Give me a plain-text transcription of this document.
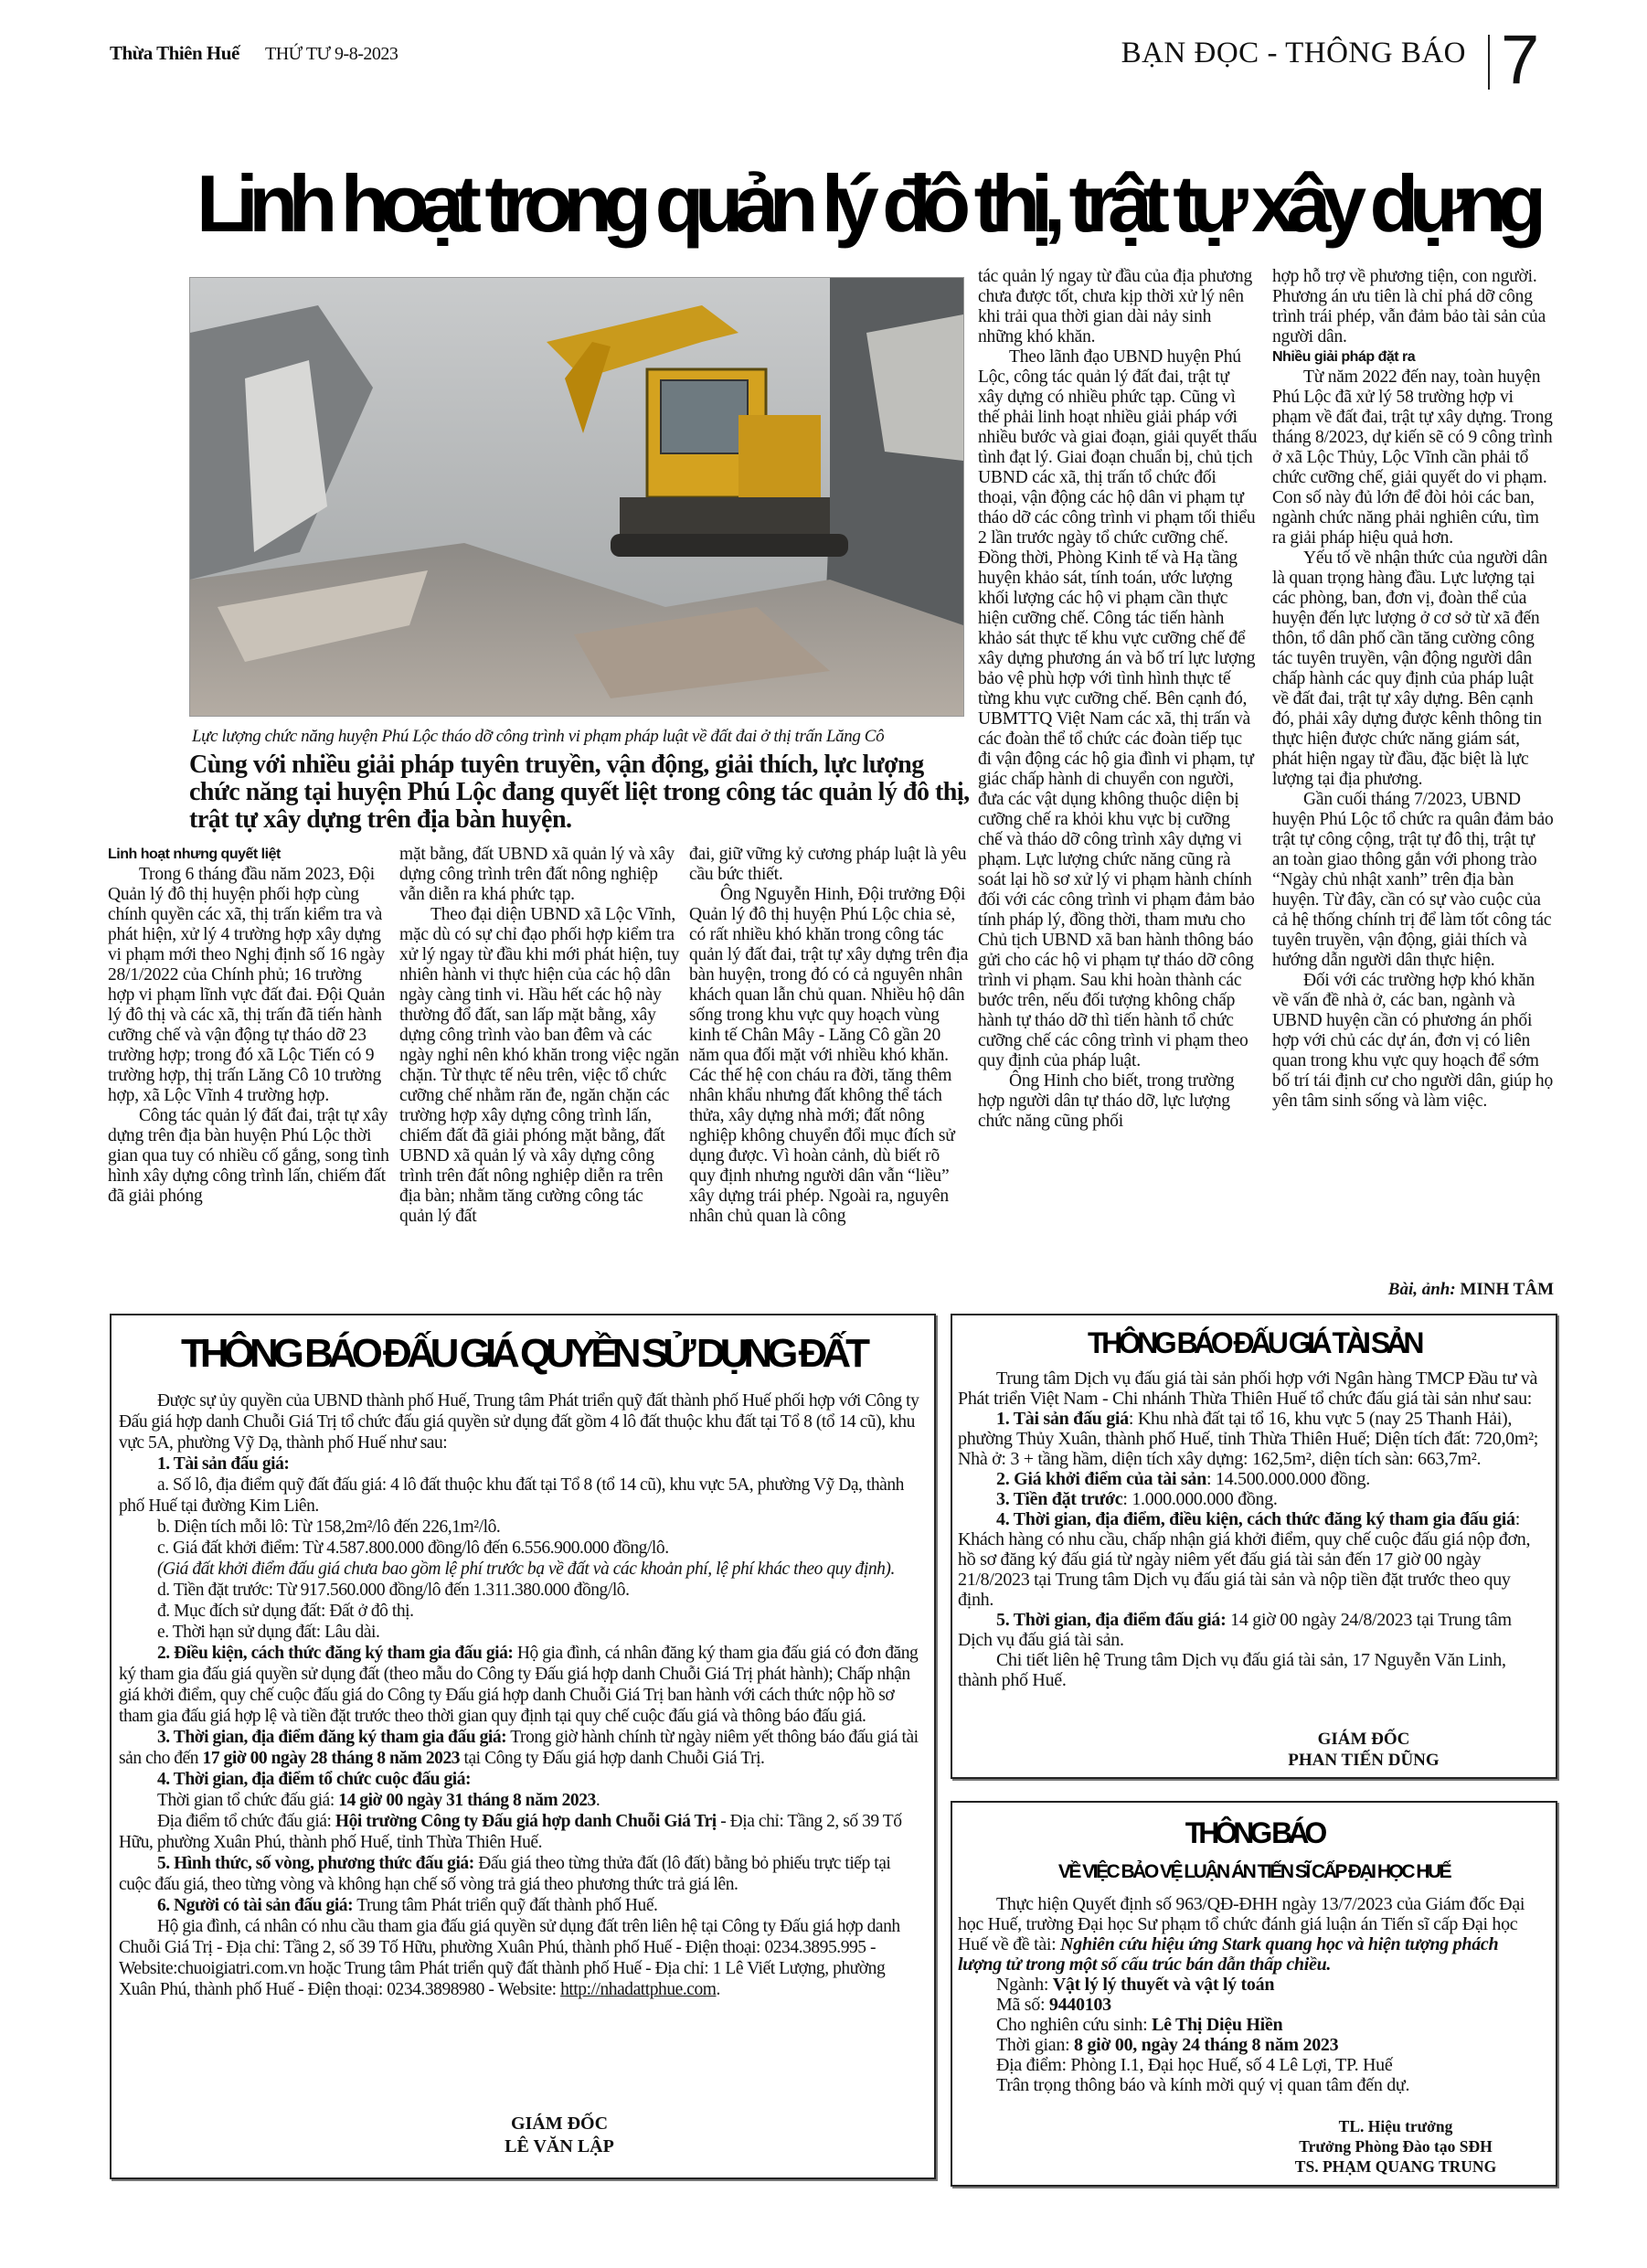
Thừa Thiên Huế THỨ TƯ 9-8-2023	BẠN ĐỌC - THÔNG BÁO 7
Linh hoạt trong quản lý đô thị, trật tự xây dựng
Lực lượng chức năng huyện Phú Lộc tháo dỡ công trình vi phạm pháp luật về đất đai ở thị trấn Lăng Cô
Cùng với nhiều giải pháp tuyên truyền, vận động, giải thích, lực lượng chức năng tại huyện Phú Lộc đang quyết liệt trong công tác quản lý đô thị, trật tự xây dựng trên địa bàn huyện.
Linh hoạt nhưng quyết liệt

Trong 6 tháng đầu năm 2023, Đội Quản lý đô thị huyện phối hợp cùng chính quyền các xã, thị trấn kiểm tra và phát hiện, xử lý 4 trường hợp xây dựng vi phạm mới theo Nghị định số 16 ngày 28/1/2022 của Chính phủ; 16 trường hợp vi phạm lĩnh vực đất đai. Đội Quản lý đô thị và các xã, thị trấn đã tiến hành cưỡng chế và vận động tự tháo dỡ 23 trường hợp; trong đó xã Lộc Tiến có 9 trường hợp, thị trấn Lăng Cô 10 trường hợp, xã Lộc Vĩnh 4 trường hợp.

Công tác quản lý đất đai, trật tự xây dựng trên địa bàn huyện Phú Lộc thời gian qua tuy có nhiều cố gắng, song tình hình xây dựng công trình lấn, chiếm đất đã giải phóng

mặt bằng, đất UBND xã quản lý và xây dựng công trình trên đất nông nghiệp vẫn diễn ra khá phức tạp.

Theo đại diện UBND xã Lộc Vĩnh, mặc dù có sự chỉ đạo phối hợp kiểm tra xử lý ngay từ đầu khi mới phát hiện, tuy nhiên hành vi thực hiện của các hộ dân ngày càng tinh vi. Hầu hết các hộ này thường đổ đất, san lấp mặt bằng, xây dựng công trình vào ban đêm và các ngày nghỉ nên khó khăn trong việc ngăn chặn. Từ thực tế nêu trên, việc tổ chức cưỡng chế nhằm răn đe, ngăn chặn các trường hợp xây dựng công trình lấn, chiếm đất đã giải phóng mặt bằng, đất UBND xã quản lý và xây dựng công trình trên đất nông nghiệp diễn ra trên địa bàn; nhằm tăng cường công tác quản lý đất

đai, giữ vững kỷ cương pháp luật là yêu cầu bức thiết.

Ông Nguyễn Hinh, Đội trưởng Đội Quản lý đô thị huyện Phú Lộc chia sẻ, có rất nhiều khó khăn trong công tác quản lý đất đai, trật tự xây dựng trên địa bàn huyện, trong đó có cả nguyên nhân khách quan lẫn chủ quan. Nhiều hộ dân sống trong khu vực quy hoạch vùng kinh tế Chân Mây - Lăng Cô gần 20 năm qua đối mặt với nhiều khó khăn. Các thế hệ con cháu ra đời, tăng thêm nhân khẩu nhưng đất không thể tách thửa, xây dựng nhà mới; đất nông nghiệp không chuyển đổi mục đích sử dụng được. Vì hoàn cảnh, dù biết rõ quy định nhưng người dân vẫn “liều” xây dựng trái phép. Ngoài ra, nguyên nhân chủ quan là công

tác quản lý ngay từ đầu của địa phương chưa được tốt, chưa kịp thời xử lý nên khi trải qua thời gian dài nảy sinh những khó khăn.

Theo lãnh đạo UBND huyện Phú Lộc, công tác quản lý đất đai, trật tự xây dựng có nhiều phức tạp. Cũng vì thế phải linh hoạt nhiều giải pháp với nhiều bước và giai đoạn, giải quyết thấu tình đạt lý. Giai đoạn chuẩn bị, chủ tịch UBND các xã, thị trấn tổ chức đối thoại, vận động các hộ dân vi phạm tự tháo dỡ các công trình vi phạm tối thiểu 2 lần trước ngày tổ chức cưỡng chế. Đồng thời, Phòng Kinh tế và Hạ tầng huyện khảo sát, tính toán, ước lượng khối lượng các hộ vi phạm cần thực hiện cưỡng chế. Công tác tiến hành khảo sát thực tế khu vực cưỡng chế để xây dựng phương án và bố trí lực lượng bảo vệ phù hợp với tình hình thực tế từng khu vực cưỡng chế. Bên cạnh đó, UBMTTQ Việt Nam các xã, thị trấn và các đoàn thể tổ chức các đoàn tiếp tục đi vận động các hộ gia đình vi phạm, tự giác chấp hành di chuyển con người, đưa các vật dụng không thuộc diện bị cưỡng chế ra khỏi khu vực bị cưỡng chế và tháo dỡ công trình xây dựng vi phạm. Lực lượng chức năng cũng rà soát lại hồ sơ xử lý vi phạm hành chính đối với các công trình vi phạm đảm bảo tính pháp lý, đồng thời, tham mưu cho Chủ tịch UBND xã ban hành thông báo gửi cho các hộ vi phạm tự tháo dỡ công trình vi phạm. Sau khi hoàn thành các bước trên, nếu đối tượng không chấp hành tự tháo dỡ thì tiến hành tổ chức cưỡng chế các công trình vi phạm theo quy định của pháp luật.

Ông Hinh cho biết, trong trường hợp người dân tự tháo dỡ, lực lượng chức năng cũng phối

hợp hỗ trợ về phương tiện, con người. Phương án ưu tiên là chỉ phá dỡ công trình trái phép, vẫn đảm bảo tài sản của người dân.

Nhiều giải pháp đặt ra

Từ năm 2022 đến nay, toàn huyện Phú Lộc đã xử lý 58 trường hợp vi phạm về đất đai, trật tự xây dựng. Trong tháng 8/2023, dự kiến sẽ có 9 công trình ở xã Lộc Thủy, Lộc Vĩnh cần phải tổ chức cưỡng chế, giải quyết do vi phạm. Con số này đủ lớn để đòi hỏi các ban, ngành chức năng phải nghiên cứu, tìm ra giải pháp hiệu quả hơn.

Yếu tố về nhận thức của người dân là quan trọng hàng đầu. Lực lượng tại các phòng, ban, đơn vị, đoàn thể của huyện đến lực lượng ở cơ sở từ xã đến thôn, tổ dân phố cần tăng cường công tác tuyên truyền, vận động người dân chấp hành các quy định của pháp luật về đất đai, trật tự xây dựng. Bên cạnh đó, phải xây dựng được kênh thông tin thực hiện được chức năng giám sát, phát hiện ngay từ đầu, đặc biệt là lực lượng tại địa phương.

Gần cuối tháng 7/2023, UBND huyện Phú Lộc tổ chức ra quân đảm bảo trật tự công cộng, trật tự đô thị, trật tự an toàn giao thông gắn với phong trào “Ngày chủ nhật xanh” trên địa bàn huyện. Từ đây, cần có sự vào cuộc của cả hệ thống chính trị để làm tốt công tác tuyên truyền, vận động, giải thích và hướng dẫn người dân thực hiện.

Đối với các trường hợp khó khăn về vấn đề nhà ở, các ban, ngành và UBND huyện cần có phương án phối hợp với chủ các dự án, đơn vị có liên quan trong khu vực quy hoạch để sớm bố trí tái định cư cho người dân, giúp họ yên tâm sinh sống và làm việc.

Bài, ảnh: MINH TÂM
THÔNG BÁO ĐẤU GIÁ QUYỀN SỬ DỤNG ĐẤT

Được sự ủy quyền của UBND thành phố Huế, Trung tâm Phát triển quỹ đất thành phố Huế phối hợp với Công ty Đấu giá hợp danh Chuỗi Giá Trị tổ chức đấu giá quyền sử dụng đất gồm 4 lô đất thuộc khu đất tại Tổ 8 (tổ 14 cũ), khu vực 5A, phường Vỹ Dạ, thành phố Huế như sau:

1. Tài sản đấu giá:

a. Số lô, địa điểm quỹ đất đấu giá: 4 lô đất thuộc khu đất tại Tổ 8 (tổ 14 cũ), khu vực 5A, phường Vỹ Dạ, thành phố Huế tại đường Kim Liên.

b. Diện tích mỗi lô: Từ 158,2m²/lô đến 226,1m²/lô.

c. Giá đất khởi điểm: Từ 4.587.800.000 đồng/lô đến 6.556.900.000 đồng/lô.

(Giá đất khởi điểm đấu giá chưa bao gồm lệ phí trước bạ về đất và các khoản phí, lệ phí khác theo quy định).

d. Tiền đặt trước: Từ 917.560.000 đồng/lô đến 1.311.380.000 đồng/lô.

đ. Mục đích sử dụng đất: Đất ở đô thị.

e. Thời hạn sử dụng đất: Lâu dài.

2. Điều kiện, cách thức đăng ký tham gia đấu giá: Hộ gia đình, cá nhân đăng ký tham gia đấu giá có đơn đăng ký tham gia đấu giá quyền sử dụng đất (theo mẫu do Công ty Đấu giá hợp danh Chuỗi Giá Trị phát hành); Chấp nhận giá khởi điểm, quy chế cuộc đấu giá do Công ty Đấu giá hợp danh Chuỗi Giá Trị ban hành với cách thức nộp hồ sơ tham gia đấu giá hợp lệ và tiền đặt trước theo thời gian quy định tại quy chế cuộc đấu giá và thông báo đấu giá.

3. Thời gian, địa điểm đăng ký tham gia đấu giá: Trong giờ hành chính từ ngày niêm yết thông báo đấu giá tài sản cho đến 17 giờ 00 ngày 28 tháng 8 năm 2023 tại Công ty Đấu giá hợp danh Chuỗi Giá Trị.

4. Thời gian, địa điểm tổ chức cuộc đấu giá:

Thời gian tổ chức đấu giá: 14 giờ 00 ngày 31 tháng 8 năm 2023.

Địa điểm tổ chức đấu giá: Hội trường Công ty Đấu giá hợp danh Chuỗi Giá Trị - Địa chỉ: Tầng 2, số 39 Tố Hữu, phường Xuân Phú, thành phố Huế, tỉnh Thừa Thiên Huế.

5. Hình thức, số vòng, phương thức đấu giá: Đấu giá theo từng thửa đất (lô đất) bằng bỏ phiếu trực tiếp tại cuộc đấu giá, theo từng vòng và không hạn chế số vòng trả giá theo phương thức trả giá lên.

6. Người có tài sản đấu giá: Trung tâm Phát triển quỹ đất thành phố Huế.

Hộ gia đình, cá nhân có nhu cầu tham gia đấu giá quyền sử dụng đất trên liên hệ tại Công ty Đấu giá hợp danh Chuỗi Giá Trị - Địa chỉ: Tầng 2, số 39 Tố Hữu, phường Xuân Phú, thành phố Huế - Điện thoại: 0234.3895.995 - Website:chuoigiatri.com.vn hoặc Trung tâm Phát triển quỹ đất thành phố Huế - Địa chỉ: 1 Lê Viết Lượng, phường Xuân Phú, thành phố Huế - Điện thoại: 0234.3898980 - Website: http://nhadattphue.com.

GIÁM ĐỐC
LÊ VĂN LẬP
THÔNG BÁO ĐẤU GIÁ TÀI SẢN

Trung tâm Dịch vụ đấu giá tài sản phối hợp với Ngân hàng TMCP Đầu tư và Phát triển Việt Nam - Chi nhánh Thừa Thiên Huế tổ chức đấu giá tài sản như sau:

1. Tài sản đấu giá: Khu nhà đất tại tổ 16, khu vực 5 (nay 25 Thanh Hải), phường Thủy Xuân, thành phố Huế, tỉnh Thừa Thiên Huế; Diện tích đất: 720,0m²; Nhà ở: 3 + tầng hầm, diện tích xây dựng: 162,5m², diện tích sàn: 663,7m².

2. Giá khởi điểm của tài sản: 14.500.000.000 đồng.

3. Tiền đặt trước: 1.000.000.000 đồng.

4. Thời gian, địa điểm, điều kiện, cách thức đăng ký tham gia đấu giá: Khách hàng có nhu cầu, chấp nhận giá khởi điểm, quy chế cuộc đấu giá nộp đơn, hồ sơ đăng ký đấu giá từ ngày niêm yết đấu giá tài sản đến 17 giờ 00 ngày 21/8/2023 tại Trung tâm Dịch vụ đấu giá tài sản và nộp tiền đặt trước theo quy định.

5. Thời gian, địa điểm đấu giá: 14 giờ 00 ngày 24/8/2023 tại Trung tâm Dịch vụ đấu giá tài sản.

Chi tiết liên hệ Trung tâm Dịch vụ đấu giá tài sản, 17 Nguyễn Văn Linh, thành phố Huế.

GIÁM ĐỐC
PHAN TIẾN DŨNG
THÔNG BÁO
VỀ VIỆC BẢO VỆ LUẬN ÁN TIẾN SĨ CẤP ĐẠI HỌC HUẾ

Thực hiện Quyết định số 963/QĐ-ĐHH ngày 13/7/2023 của Giám đốc Đại học Huế, trường Đại học Sư phạm tổ chức đánh giá luận án Tiến sĩ cấp Đại học Huế về đề tài: Nghiên cứu hiệu ứng Stark quang học và hiện tượng phách lượng tử trong một số cấu trúc bán dẫn thấp chiều.

Ngành: Vật lý lý thuyết và vật lý toán

Mã số: 9440103

Cho nghiên cứu sinh: Lê Thị Diệu Hiền

Thời gian: 8 giờ 00, ngày 24 tháng 8 năm 2023

Địa điểm: Phòng I.1, Đại học Huế, số 4 Lê Lợi, TP. Huế

Trân trọng thông báo và kính mời quý vị quan tâm đến dự.

TL. Hiệu trưởng
Trưởng Phòng Đào tạo SĐH
TS. PHẠM QUANG TRUNG
